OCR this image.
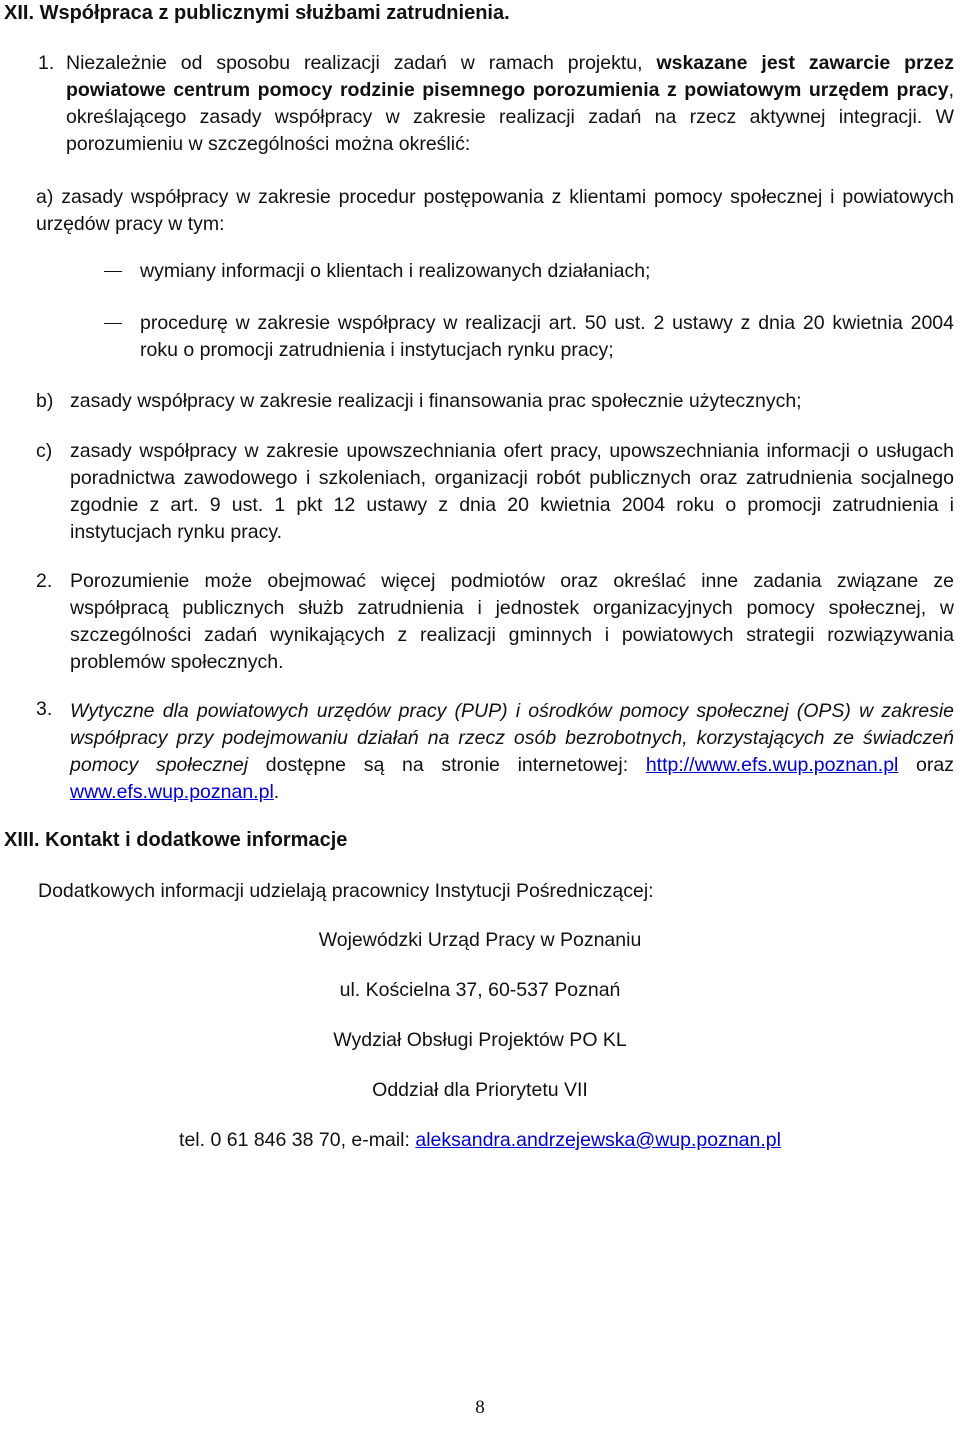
XII. Współpraca z publicznymi służbami zatrudnienia.
1. Niezależnie od sposobu realizacji zadań w ramach projektu, wskazane jest zawarcie przez powiatowe centrum pomocy rodzinie pisemnego porozumienia z powiatowym urzędem pracy, określającego zasady współpracy w zakresie realizacji zadań na rzecz aktywnej integracji. W porozumieniu w szczególności można określić:
a) zasady współpracy w zakresie procedur postępowania z klientami pomocy społecznej i powiatowych urzędów pracy w tym:
wymiany informacji o klientach i realizowanych działaniach;
procedurę w zakresie współpracy w realizacji art. 50 ust. 2 ustawy z dnia 20 kwietnia 2004 roku o promocji zatrudnienia i instytucjach rynku pracy;
b) zasady współpracy w zakresie realizacji i finansowania prac społecznie użytecznych;
c) zasady współpracy w zakresie upowszechniania ofert pracy, upowszechniania informacji o usługach poradnictwa zawodowego i szkoleniach, organizacji robót publicznych oraz zatrudnienia socjalnego zgodnie z art. 9 ust. 1 pkt 12 ustawy z dnia 20 kwietnia 2004 roku o promocji zatrudnienia i instytucjach rynku pracy.
2. Porozumienie może obejmować więcej podmiotów oraz określać inne zadania związane ze współpracą publicznych służb zatrudnienia i jednostek organizacyjnych pomocy społecznej, w szczególności zadań wynikających z realizacji gminnych i powiatowych strategii rozwiązywania problemów społecznych.
3. Wytyczne dla powiatowych urzędów pracy (PUP) i ośrodków pomocy społecznej (OPS) w zakresie współpracy przy podejmowaniu działań na rzecz osób bezrobotnych, korzystających ze świadczeń pomocy społecznej dostępne są na stronie internetowej: http://www.efs.wup.poznan.pl oraz www.efs.wup.poznan.pl.
XIII. Kontakt i dodatkowe informacje
Dodatkowych informacji udzielają pracownicy Instytucji Pośredniczącej:
Wojewódzki Urząd Pracy w Poznaniu
ul. Kościelna 37, 60-537 Poznań
Wydział Obsługi Projektów PO KL
Oddział dla Priorytetu VII
tel. 0 61 846 38 70, e-mail: aleksandra.andrzejewska@wup.poznan.pl
8
